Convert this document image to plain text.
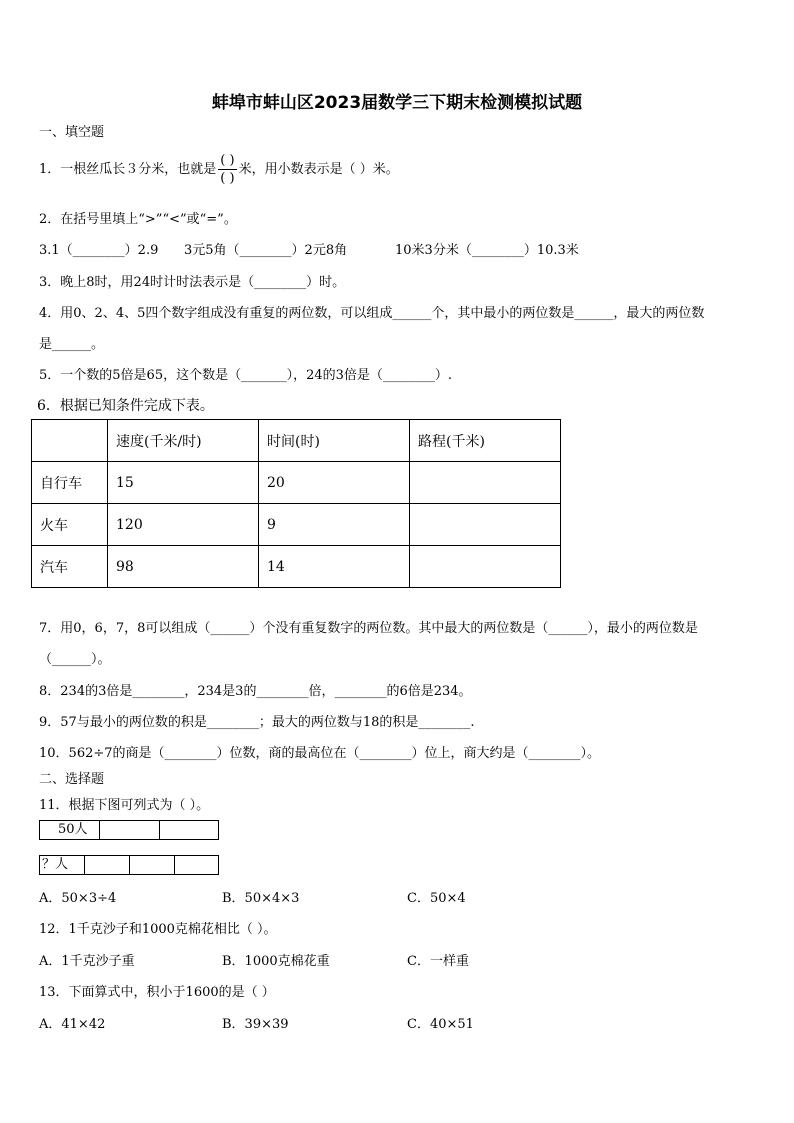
蚌埠市蚌山区2023届数学三下期末检测模拟试题
一、填空题
1．一根丝瓜长３分米，也就是 $\frac{( )}{( )}$ 米，用小数表示是（ ）米。
2．在括号里填上“>”“<”或“=”。
3.1（________）2.9 3元5角（________）2元8角	10米3分米（________）10.3米
3．晚上8时，用24时计时法表示是（________）时。
4．用0、2、4、5四个数字组成没有重复的两位数，可以组成______个，其中最小的两位数是______，最大的两位数
是______。
5．一个数的5倍是65，这个数是（_______），24的3倍是（________）.
6．根据已知条件完成下表。
	速度(千米/时)	时间(时)	路程(千米)
自行车	15	20	
火车	120	9	
汽车	98	14	
7．用0，6，7，8可以组成（______）个没有重复数字的两位数。其中最大的两位数是（______），最小的两位数是
（______）。
8．234的3倍是________，234是3的________倍，________的6倍是234。
9．57与最小的两位数的积是________；最大的两位数与18的积是________.
10．562÷7的商是（________）位数，商的最高位在（________）位上，商大约是（________）。
二、选择题
11．根据下图可列式为（ ）。
50人
？人
A．50×3÷4	B．50×4×3	C．50×4
12．1千克沙子和1000克棉花相比（ ）。
A．1千克沙子重	B．1000克棉花重	C．一样重
13．下面算式中，积小于1600的是（ ）
A．41×42	B．39×39	C．40×51
